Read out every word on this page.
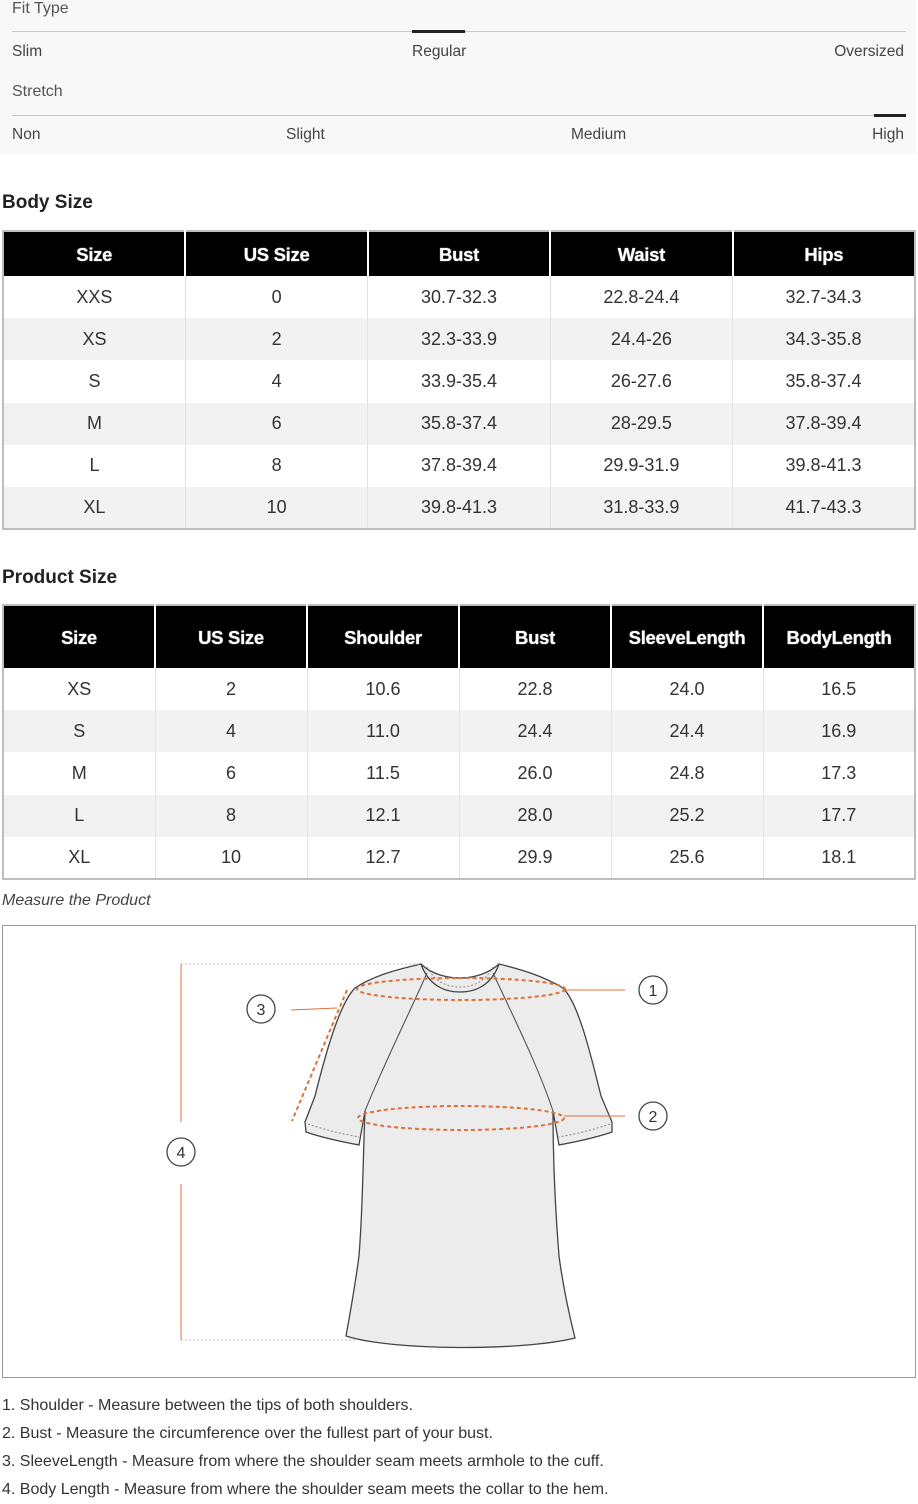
Fit Type
Slim	Regular	Oversized
Stretch
Non	Slight	Medium	High
Body Size
Size	US Size	Bust	Waist	Hips
XXS	0	30.7-32.3	22.8-24.4	32.7-34.3
XS	2	32.3-33.9	24.4-26	34.3-35.8
S	4	33.9-35.4	26-27.6	35.8-37.4
M	6	35.8-37.4	28-29.5	37.8-39.4
L	8	37.8-39.4	29.9-31.9	39.8-41.3
XL	10	39.8-41.3	31.8-33.9	41.7-43.3
Product Size
Size	US Size	Shoulder	Bust	SleeveLength	BodyLength
XS	2	10.6	22.8	24.0	16.5
S	4	11.0	24.4	24.4	16.9
M	6	11.5	26.0	24.8	17.3
L	8	12.1	28.0	25.2	17.7
XL	10	12.7	29.9	25.6	18.1
Measure the Product
1
2
3
4
1. Shoulder - Measure between the tips of both shoulders.
2. Bust - Measure the circumference over the fullest part of your bust.
3. SleeveLength - Measure from where the shoulder seam meets armhole to the cuff.
4. Body Length - Measure from where the shoulder seam meets the collar to the hem.
